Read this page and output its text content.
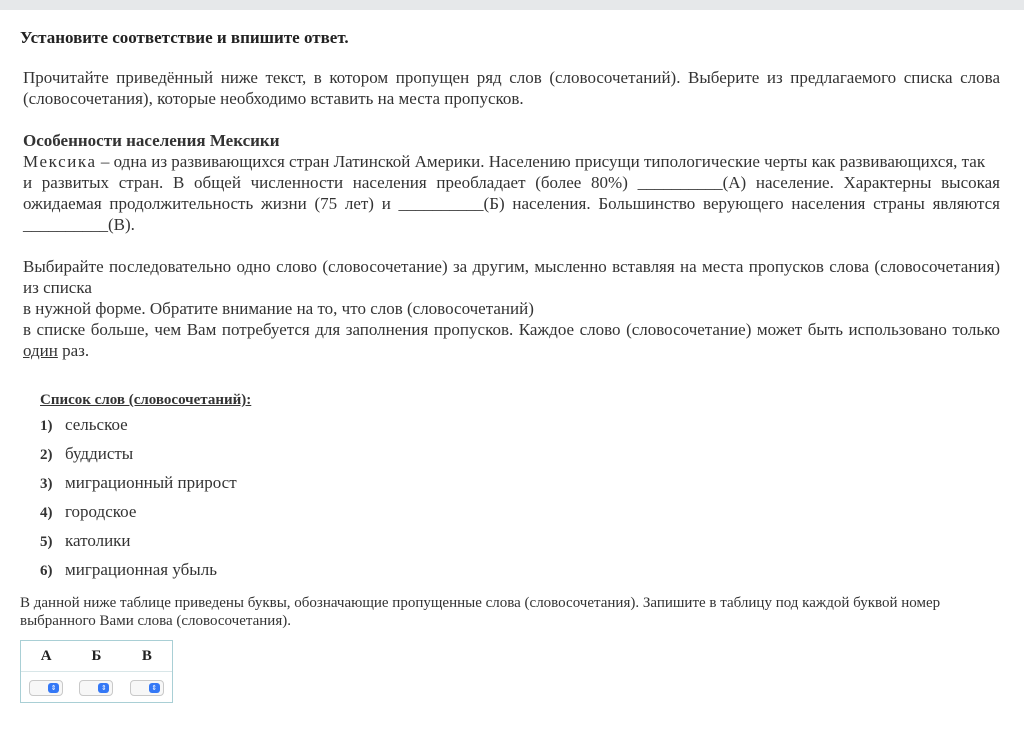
Установите соответствие и впишите ответ.

Прочитайте приведённый ниже текст, в котором пропущен ряд слов (словосочетаний). Выберите из предлагаемого списка слова (словосочетания), которые необходимо вставить на места пропусков.

Особенности населения Мексики

Мексика – одна из развивающихся стран Латинской Америки. Населению присущи типологические черты как развивающихся, так

и развитых стран. В общей численности населения преобладает (более 80%) __________(А) население. Характерны высокая ожидаемая продолжительность жизни (75 лет) и __________(Б) населения. Большинство верующего населения страны являются __________(В).

Выбирайте последовательно одно слово (словосочетание) за другим, мысленно вставляя на места пропусков слова (словосочетания) из списка

в нужной форме. Обратите внимание на то, что слов (словосочетаний)

в списке больше, чем Вам потребуется для заполнения пропусков. Каждое слово (словосочетание) может быть использовано только один раз.

Список слов (словосочетаний):
1) сельское
2) буддисты
3) миграционный прирост
4) городское
5) католики
6) миграционная убыль
В данной ниже таблице приведены буквы, обозначающие пропущенные слова (словосочетания). Запишите в таблицу под каждой буквой номер выбранного Вами слова (словосочетания).
А	Б	В
⇕	⇕	⇕
